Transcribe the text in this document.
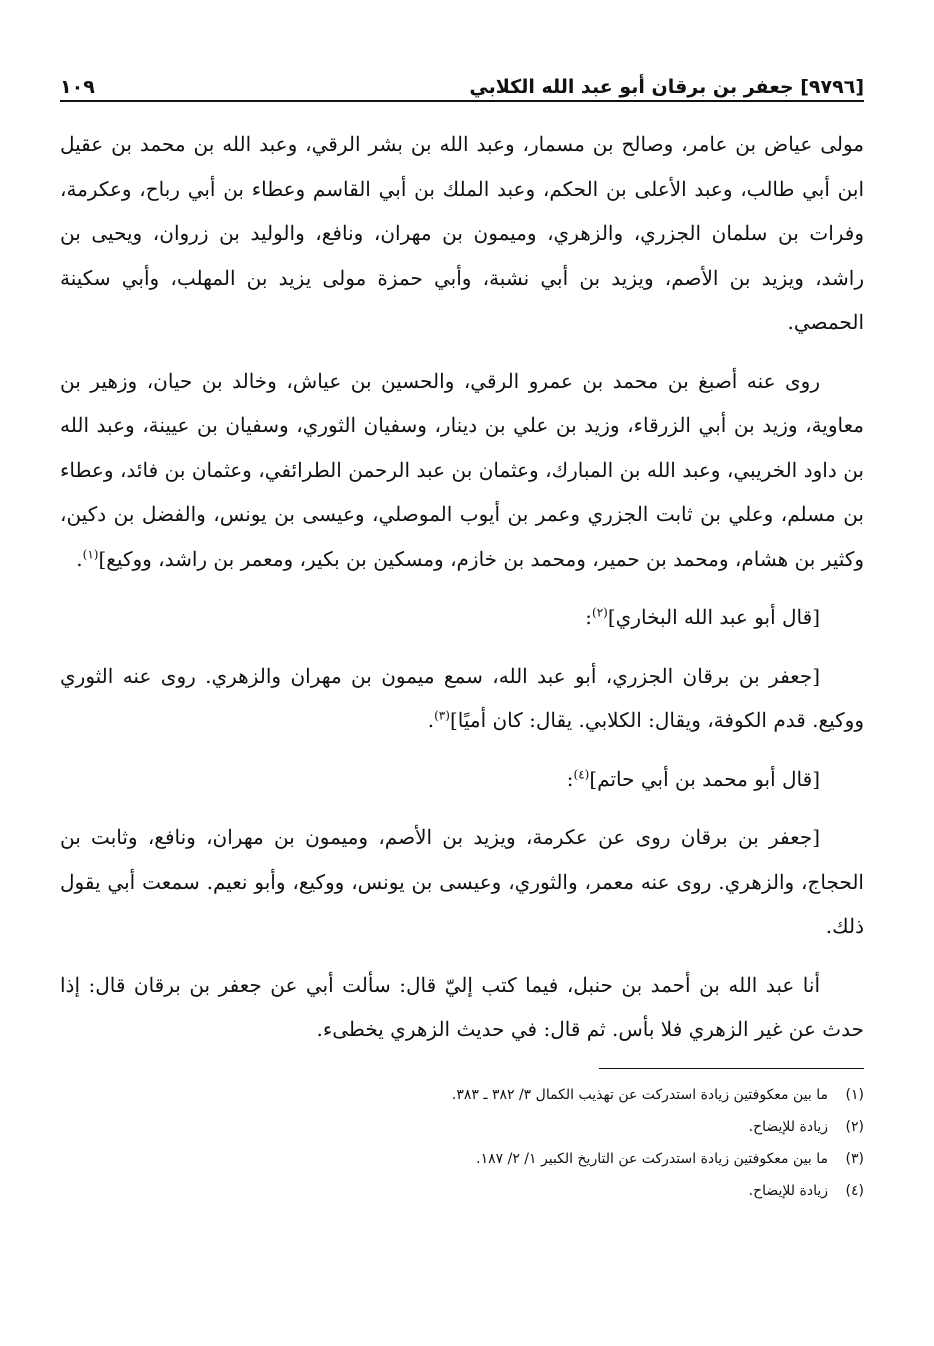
[٩٧٩٦] جعفر بن برقان أبو عبد الله الكلابي
١٠٩

مولى عياض بن عامر، وصالح بن مسمار، وعبد الله بن بشر الرقي، وعبد الله بن محمد بن عقيل ابن أبي طالب، وعبد الأعلى بن الحكم، وعبد الملك بن أبي القاسم وعطاء بن أبي رباح، وعكرمة، وفرات بن سلمان الجزري، والزهري، وميمون بن مهران، ونافع، والوليد بن زروان، ويحيى بن راشد، ويزيد بن الأصم، ويزيد بن أبي نشبة، وأبي حمزة مولى يزيد بن المهلب، وأبي سكينة الحمصي.

روى عنه أصبغ بن محمد بن عمرو الرقي، والحسين بن عياش، وخالد بن حيان، وزهير بن معاوية، وزيد بن أبي الزرقاء، وزيد بن علي بن دينار، وسفيان الثوري، وسفيان بن عيينة، وعبد الله بن داود الخريبي، وعبد الله بن المبارك، وعثمان بن عبد الرحمن الطرائفي، وعثمان بن فائد، وعطاء بن مسلم، وعلي بن ثابت الجزري وعمر بن أيوب الموصلي، وعيسى بن يونس، والفضل بن دكين، وكثير بن هشام، ومحمد بن حمير، ومحمد بن خازم، ومسكين بن بكير، ومعمر بن راشد، ووكيع]$^{(١)}$.

[قال أبو عبد الله البخاري]$^{(٢)}$:

[جعفر بن برقان الجزري، أبو عبد الله، سمع ميمون بن مهران والزهري. روى عنه الثوري ووكيع. قدم الكوفة، ويقال: الكلابي. يقال: كان أميًا]$^{(٣)}$.

[قال أبو محمد بن أبي حاتم]$^{(٤)}$:

[جعفر بن برقان روى عن عكرمة، ويزيد بن الأصم، وميمون بن مهران، ونافع، وثابت بن الحجاج، والزهري. روى عنه معمر، والثوري، وعيسى بن يونس، ووكيع، وأبو نعيم. سمعت أبي يقول ذلك.

أنا عبد الله بن أحمد بن حنبل، فيما كتب إليّ قال: سألت أبي عن جعفر بن برقان قال: إذا حدث عن غير الزهري فلا بأس. ثم قال: في حديث الزهري يخطىء.

(١)ما بين معكوفتين زيادة استدركت عن تهذيب الكمال ٣/ ٣٨٢ ـ ٣٨٣.
(٢)زيادة للإيضاح.
(٣)ما بين معكوفتين زيادة استدركت عن التاريخ الكبير ١/ ٢/ ١٨٧.
(٤)زيادة للإيضاح.
